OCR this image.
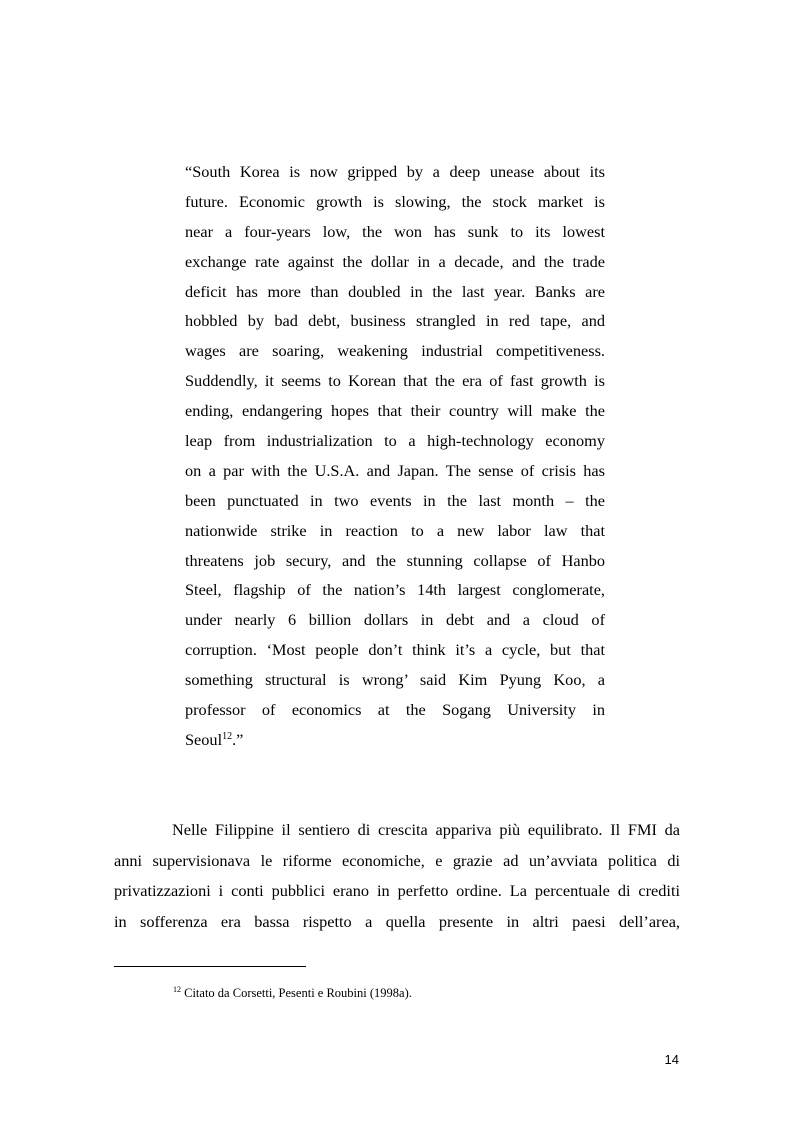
“South Korea is now gripped by a deep unease about its
future. Economic growth is slowing, the stock market is
near a four-years low, the won has sunk to its lowest
exchange rate against the dollar in a decade, and the trade
deficit has more than doubled in the last year. Banks are
hobbled by bad debt, business strangled in red tape, and
wages are soaring, weakening industrial competitiveness.
Suddendly, it seems to Korean that the era of fast growth is
ending, endangering hopes that their country will make the
leap from industrialization to a high-technology economy
on a par with the U.S.A. and Japan. The sense of crisis has
been punctuated in two events in the last month – the
nationwide strike in reaction to a new labor law that
threatens job secury, and the stunning collapse of Hanbo
Steel, flagship of the nation’s 14th largest conglomerate,
under nearly 6 billion dollars in debt and a cloud of
corruption. ‘Most people don’t think it’s a cycle, but that
something structural is wrong’ said Kim Pyung Koo, a
professor of economics at the Sogang University in
Seoul$^{12}$.”
Nelle Filippine il sentiero di crescita appariva più equilibrato. Il FMI da
anni supervisionava le riforme economiche, e grazie ad un’avviata politica di
privatizzazioni i conti pubblici erano in perfetto ordine. La percentuale di crediti
in sofferenza era bassa rispetto a quella presente in altri paesi dell’area,
$^{12}$ Citato da Corsetti, Pesenti e Roubini (1998a).
14
